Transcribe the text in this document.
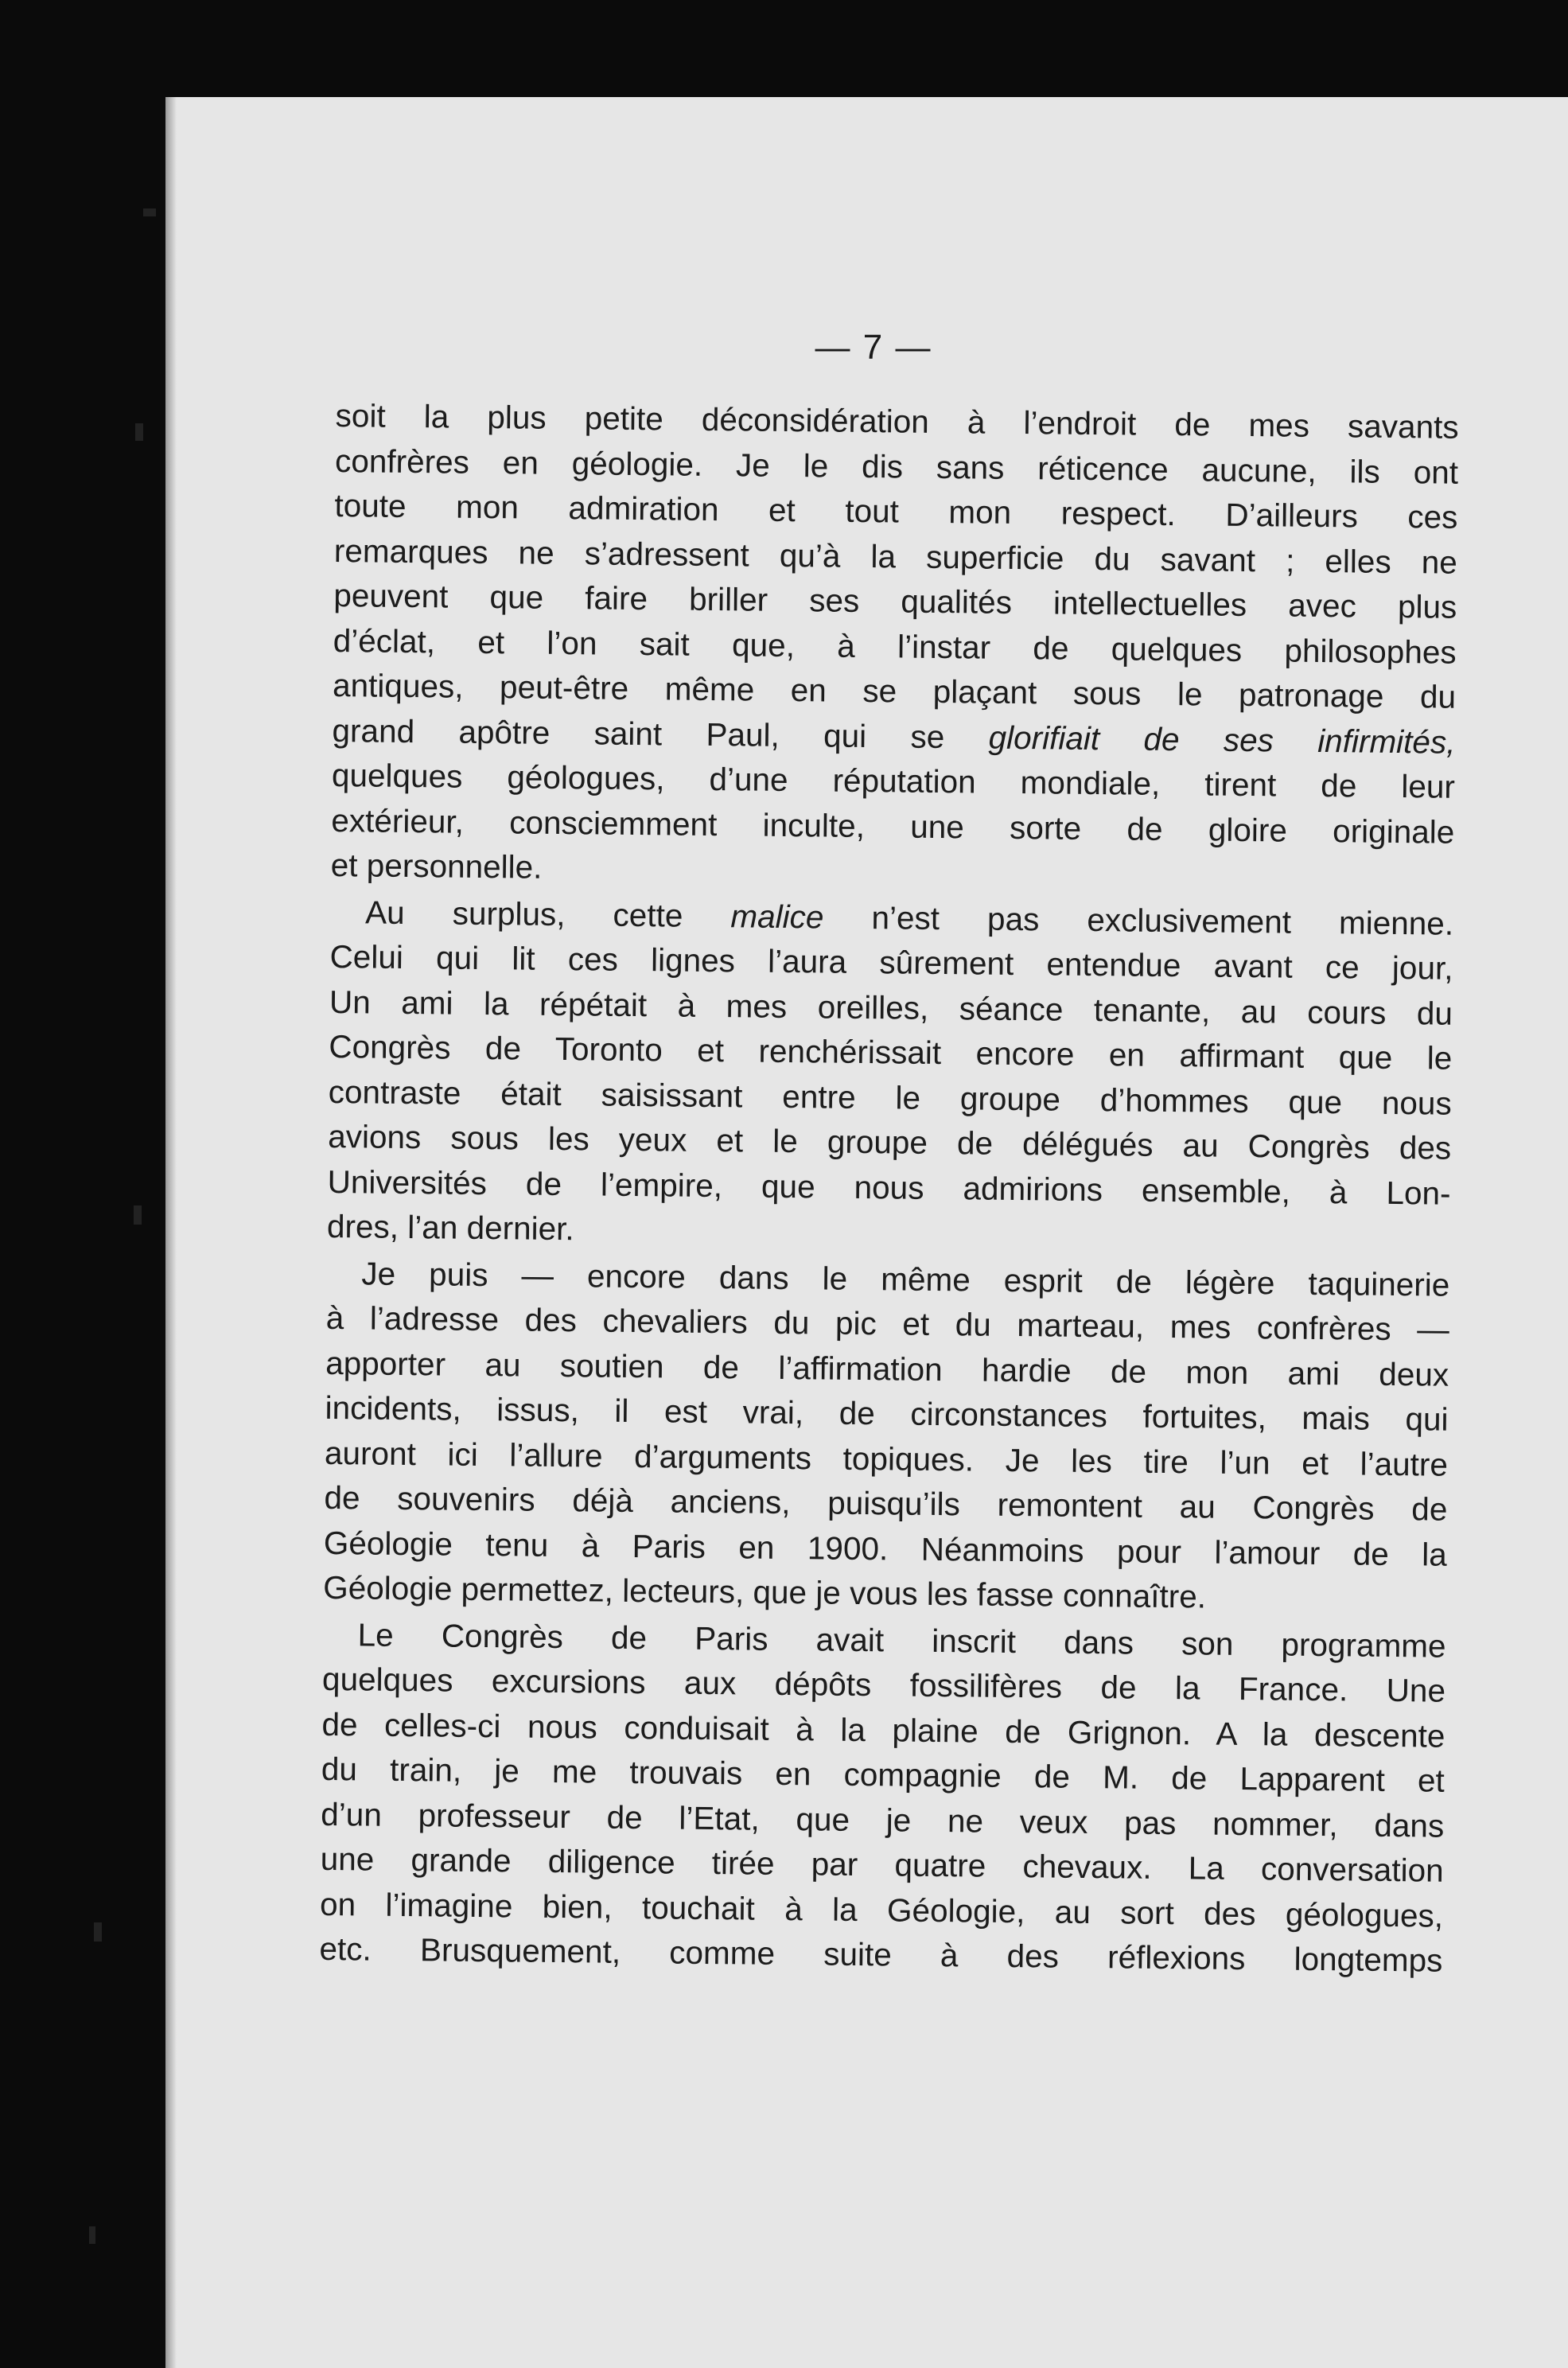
— 7 —
soit la plus petite déconsidération à l’endroit de mes savants
confrères en géologie. Je le dis sans réticence aucune, ils ont
toute mon admiration et tout mon respect. D’ailleurs ces
remarques ne s’adressent qu’à la superficie du savant ; elles ne
peuvent que faire briller ses qualités intellectuelles avec plus
d’éclat, et l’on sait que, à l’instar de quelques philosophes
antiques, peut-être même en se plaçant sous le patronage du
grand apôtre saint Paul, qui se glorifiait de ses infirmités,
quelques géologues, d’une réputation mondiale, tirent de leur
extérieur, consciemment inculte, une sorte de gloire originale
et personnelle.
Au surplus, cette malice n’est pas exclusivement mienne.
Celui qui lit ces lignes l’aura sûrement entendue avant ce jour,
Un ami la répétait à mes oreilles, séance tenante, au cours du
Congrès de Toronto et renchérissait encore en affirmant que le
contraste était saisissant entre le groupe d’hommes que nous
avions sous les yeux et le groupe de délégués au Congrès des
Universités de l’empire, que nous admirions ensemble, à Lon-
dres, l’an dernier.
Je puis — encore dans le même esprit de légère taquinerie
à l’adresse des chevaliers du pic et du marteau, mes confrères —
apporter au soutien de l’affirmation hardie de mon ami deux
incidents, issus, il est vrai, de circonstances fortuites, mais qui
auront ici l’allure d’arguments topiques. Je les tire l’un et l’autre
de souvenirs déjà anciens, puisqu’ils remontent au Congrès de
Géologie tenu à Paris en 1900. Néanmoins pour l’amour de la
Géologie permettez, lecteurs, que je vous les fasse connaître.
Le Congrès de Paris avait inscrit dans son programme
quelques excursions aux dépôts fossilifères de la France. Une
de celles-ci nous conduisait à la plaine de Grignon. A la descente
du train, je me trouvais en compagnie de M. de Lapparent et
d’un professeur de l’Etat, que je ne veux pas nommer, dans
une grande diligence tirée par quatre chevaux. La conversation
on l’imagine bien, touchait à la Géologie, au sort des géologues,
etc. Brusquement, comme suite à des réflexions longtemps
